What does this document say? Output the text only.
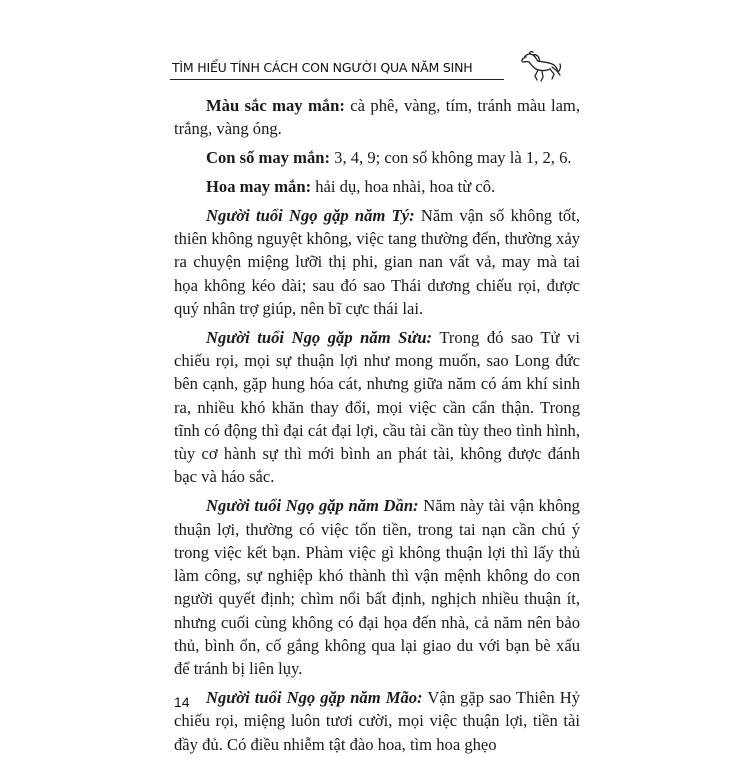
TÌM HIỂU TÍNH CÁCH CON NGƯỜI QUA NĂM SINH

Màu sắc may mắn: cà phê, vàng, tím, tránh màu lam, trắng, vàng óng.

Con số may mắn: 3, 4, 9; con số không may là 1, 2, 6.

Hoa may mắn: hải dụ, hoa nhài, hoa từ cô.

Người tuổi Ngọ gặp năm Tý: Năm vận số không tốt, thiên không nguyệt không, việc tang thường đến, thường xảy ra chuyện miệng lưỡi thị phi, gian nan vất vả, may mà tai họa không kéo dài; sau đó sao Thái dương chiếu rọi, được quý nhân trợ giúp, nên bĩ cực thái lai.

Người tuổi Ngọ gặp năm Sửu: Trong đó sao Tử vi chiếu rọi, mọi sự thuận lợi như mong muốn, sao Long đức bên cạnh, gặp hung hóa cát, nhưng giữa năm có ám khí sinh ra, nhiều khó khăn thay đổi, mọi việc cần cẩn thận. Trong tĩnh có động thì đại cát đại lợi, cầu tài cần tùy theo tình hình, tùy cơ hành sự thì mới bình an phát tài, không được đánh bạc và háo sắc.

Người tuổi Ngọ gặp năm Dần: Năm này tài vận không thuận lợi, thường có việc tốn tiền, trong tai nạn cần chú ý trong việc kết bạn. Phàm việc gì không thuận lợi thì lấy thủ làm công, sự nghiệp khó thành thì vận mệnh không do con người quyết định; chìm nổi bất định, nghịch nhiều thuận ít, nhưng cuối cùng không có đại họa đến nhà, cả năm nên bảo thủ, bình ổn, cố gắng không qua lại giao du với bạn bè xấu để tránh bị liên lụy.

Người tuổi Ngọ gặp năm Mão: Vận gặp sao Thiên Hỷ chiếu rọi, miệng luôn tươi cười, mọi việc thuận lợi, tiền tài đầy đủ. Có điều nhiễm tật đào hoa, tìm hoa ghẹo

14
